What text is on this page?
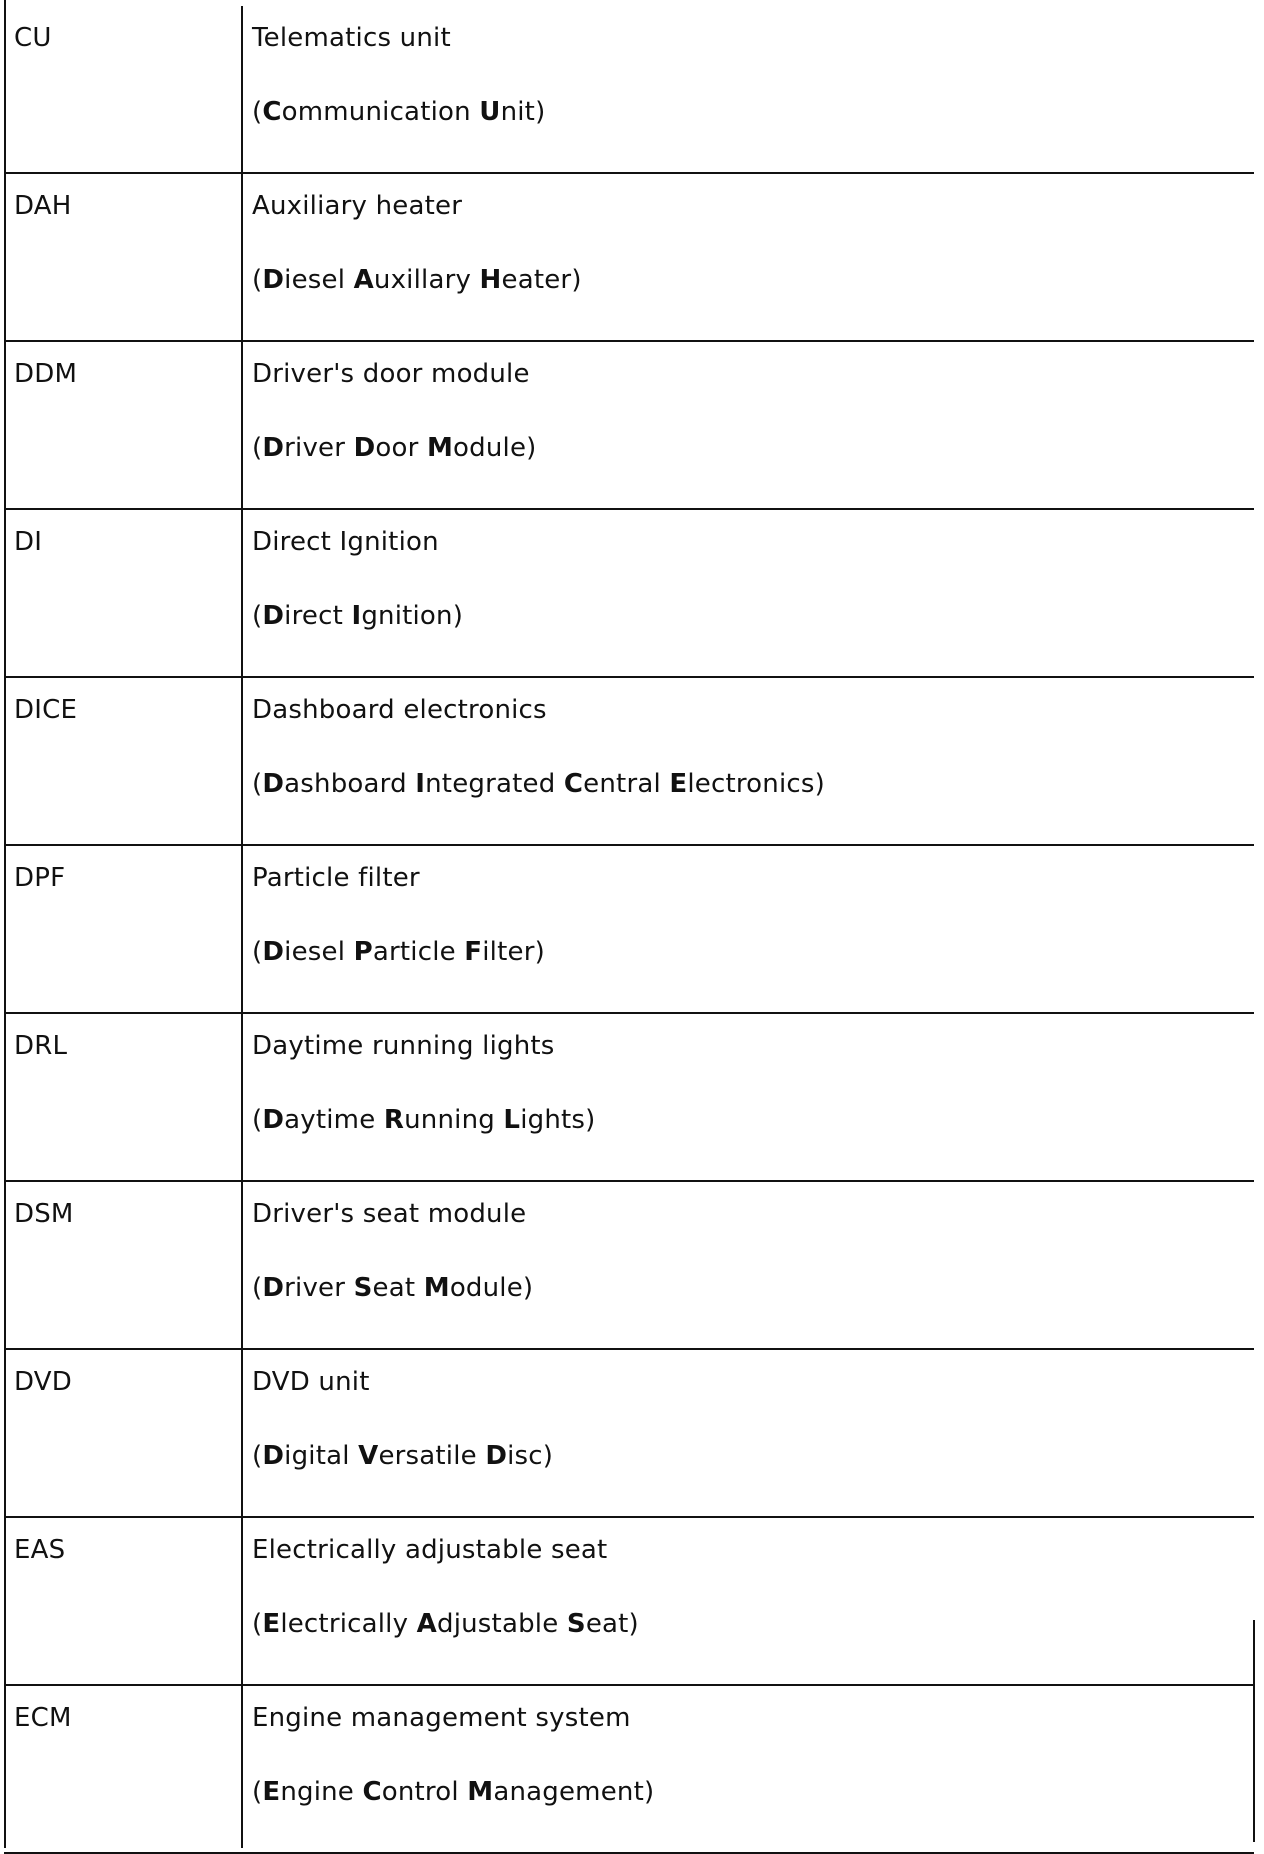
CU	Telematics unit
(Communication Unit)
DAH	Auxiliary heater
(Diesel Auxillary Heater)
DDM	Driver's door module
(Driver Door Module)
DI	Direct Ignition
(Direct Ignition)
DICE	Dashboard electronics
(Dashboard Integrated Central Electronics)
DPF	Particle filter
(Diesel Particle Filter)
DRL	Daytime running lights
(Daytime Running Lights)
DSM	Driver's seat module
(Driver Seat Module)
DVD	DVD unit
(Digital Versatile Disc)
EAS	Electrically adjustable seat
(Electrically Adjustable Seat)
ECM	Engine management system
(Engine Control Management)
